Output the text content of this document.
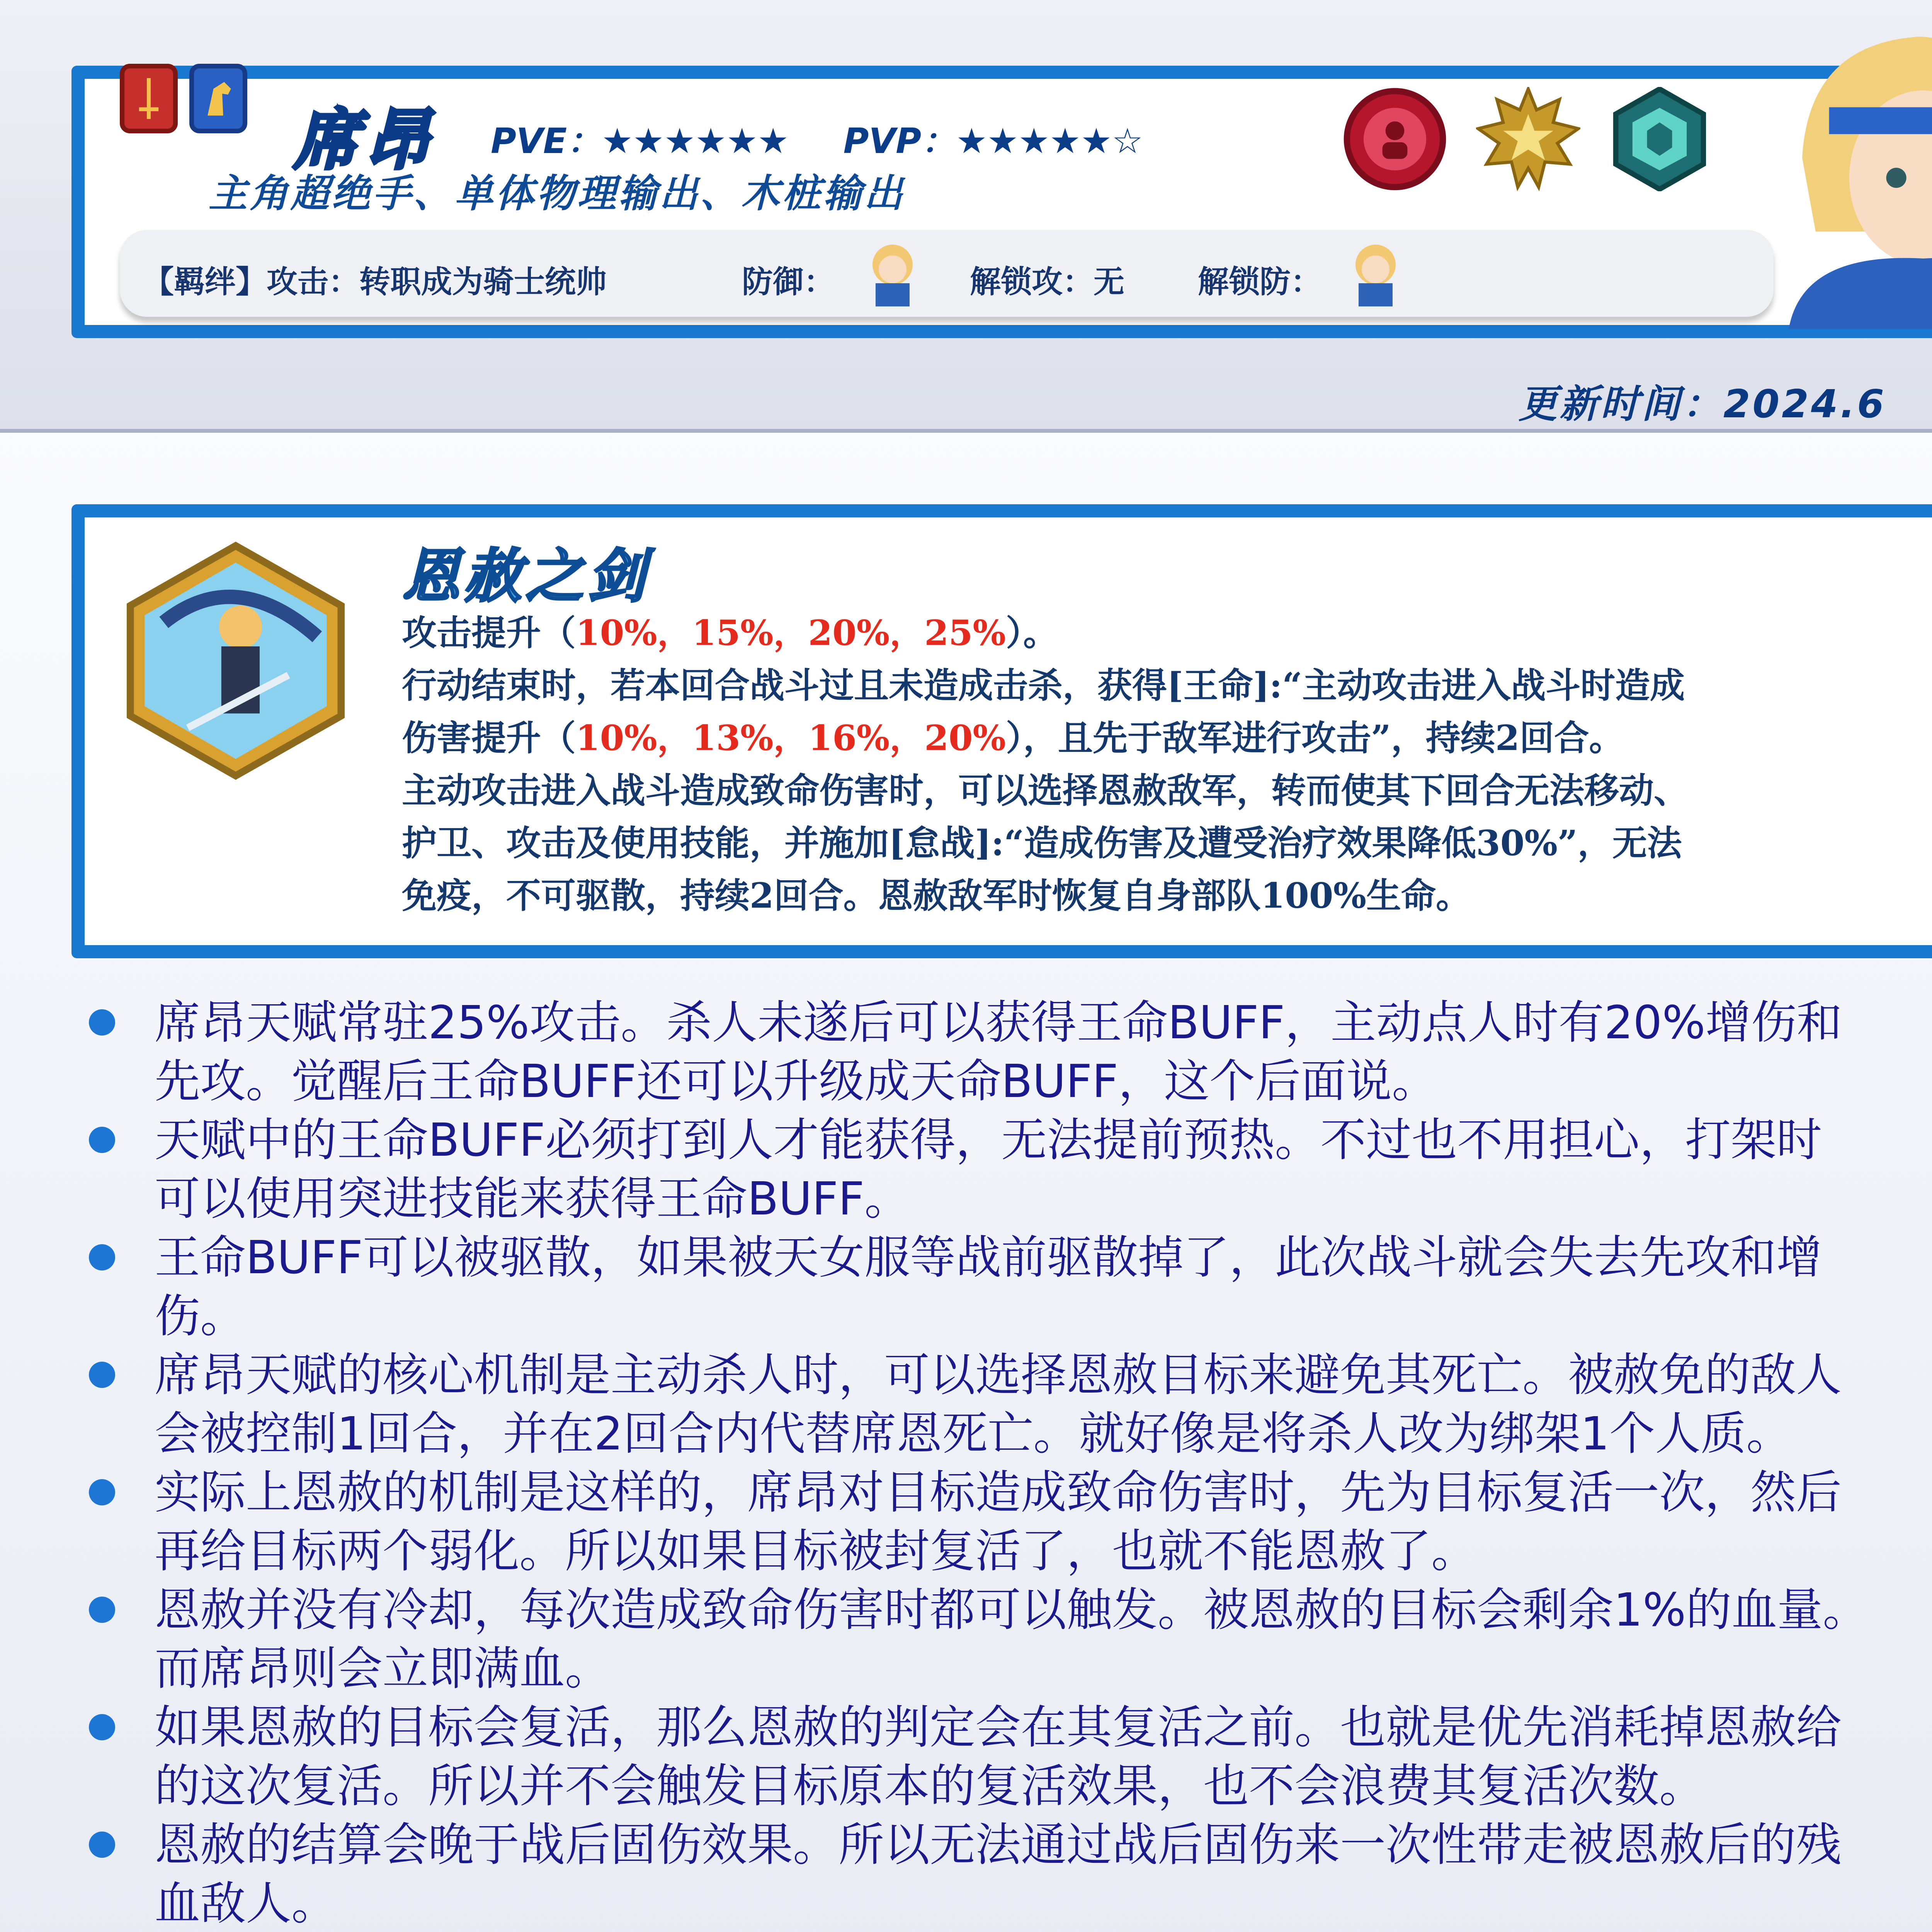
席昂 PVE：★★★★★★ PVP：★★★★★☆
主角超绝手、单体物理输出、木桩输出
【羁绊】攻击：转职成为骑士统帅	防御：	解锁攻：无 解锁防：
更新时间：2024.6
恩赦之剑
攻击提升（10%，15%，20%，25%）。
行动结束时，若本回合战斗过且未造成击杀，获得[王命]:“主动攻击进入战斗时造成
伤害提升（10%，13%，16%，20%），且先于敌军进行攻击”，持续2回合。
主动攻击进入战斗造成致命伤害时，可以选择恩赦敌军，转而使其下回合无法移动、
护卫、攻击及使用技能，并施加[怠战]:“造成伤害及遭受治疗效果降低30%”，无法
免疫，不可驱散，持续2回合。恩赦敌军时恢复自身部队100%生命。
席昂天赋常驻25%攻击。杀人未遂后可以获得王命BUFF，主动点人时有20%增伤和
先攻。觉醒后王命BUFF还可以升级成天命BUFF，这个后面说。
天赋中的王命BUFF必须打到人才能获得，无法提前预热。不过也不用担心，打架时
可以使用突进技能来获得王命BUFF。
王命BUFF可以被驱散，如果被天女服等战前驱散掉了，此次战斗就会失去先攻和增
伤。
席昂天赋的核心机制是主动杀人时，可以选择恩赦目标来避免其死亡。被赦免的敌人
会被控制1回合，并在2回合内代替席恩死亡。就好像是将杀人改为绑架1个人质。
实际上恩赦的机制是这样的，席昂对目标造成致命伤害时，先为目标复活一次，然后
再给目标两个弱化。所以如果目标被封复活了，也就不能恩赦了。
恩赦并没有冷却，每次造成致命伤害时都可以触发。被恩赦的目标会剩余1%的血量。
而席昂则会立即满血。
如果恩赦的目标会复活，那么恩赦的判定会在其复活之前。也就是优先消耗掉恩赦给
的这次复活。所以并不会触发目标原本的复活效果，也不会浪费其复活次数。
恩赦的结算会晚于战后固伤效果。所以无法通过战后固伤来一次性带走被恩赦后的残
血敌人。
